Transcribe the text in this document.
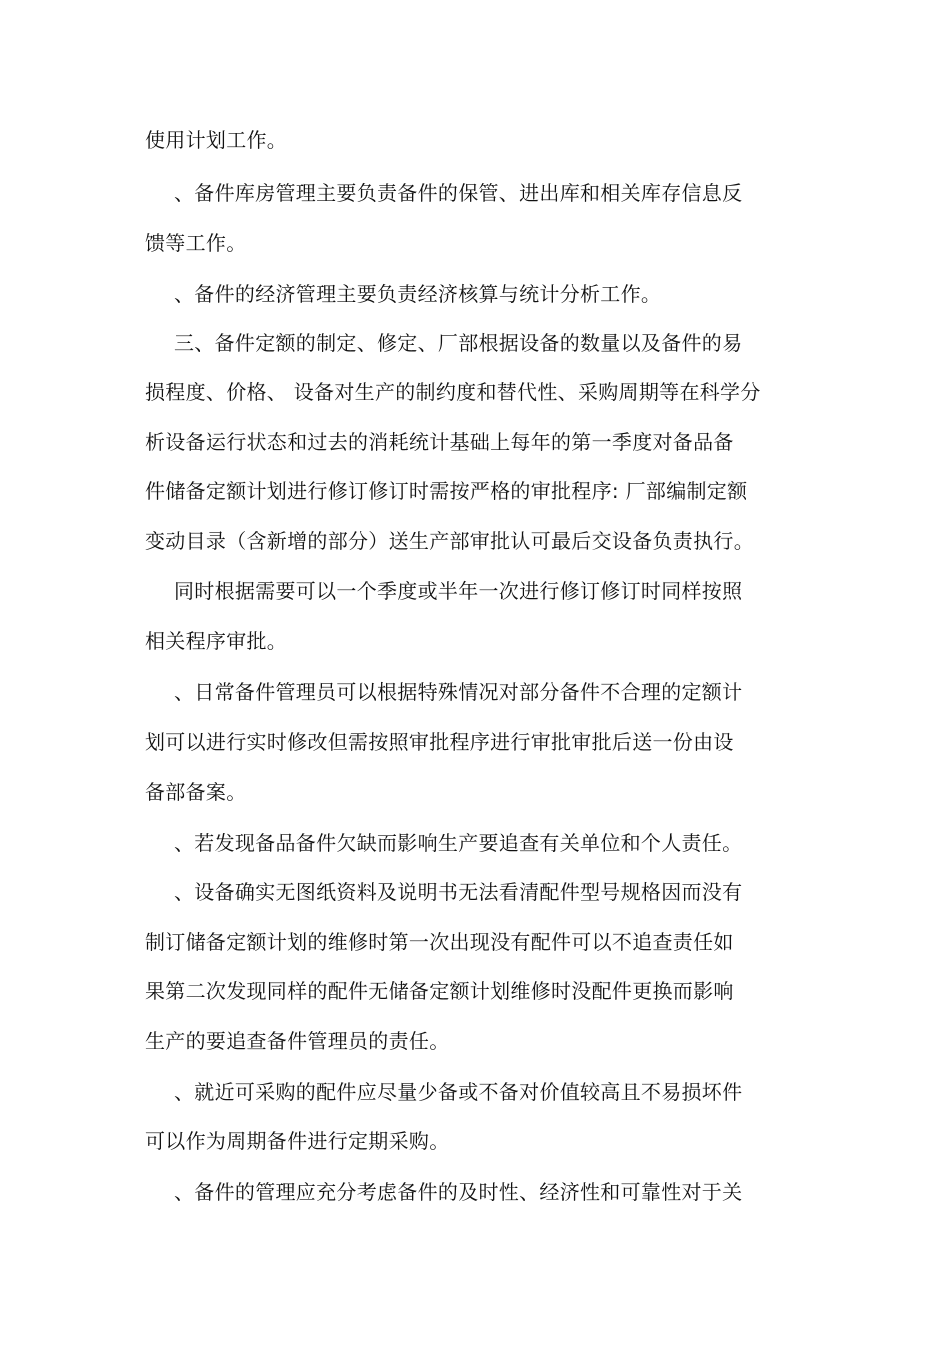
使用计划工作。
、备件库房管理主要负责备件的保管、进出库和相关库存信息反
馈等工作。
、备件的经济管理主要负责经济核算与统计分析工作。
三、备件定额的制定、修定、厂部根据设备的数量以及备件的易
损程度、价格、 设备对生产的制约度和替代性、采购周期等在科学分
析设备运行状态和过去的消耗统计基础上每年的第一季度对备品备
件储备定额计划进行修订修订时需按严格的审批程序: 厂部编制定额
变动目录（含新增的部分）送生产部审批认可最后交设备负责执行。
同时根据需要可以一个季度或半年一次进行修订修订时同样按照
相关程序审批。
、日常备件管理员可以根据特殊情况对部分备件不合理的定额计
划可以进行实时修改但需按照审批程序进行审批审批后送一份由设
备部备案。
、若发现备品备件欠缺而影响生产要追查有关单位和个人责任。
、设备确实无图纸资料及说明书无法看清配件型号规格因而没有
制订储备定额计划的维修时第一次出现没有配件可以不追查责任如
果第二次发现同样的配件无储备定额计划维修时没配件更换而影响
生产的要追查备件管理员的责任。
、就近可采购的配件应尽量少备或不备对价值较高且不易损坏件
可以作为周期备件进行定期采购。
、备件的管理应充分考虑备件的及时性、经济性和可靠性对于关
